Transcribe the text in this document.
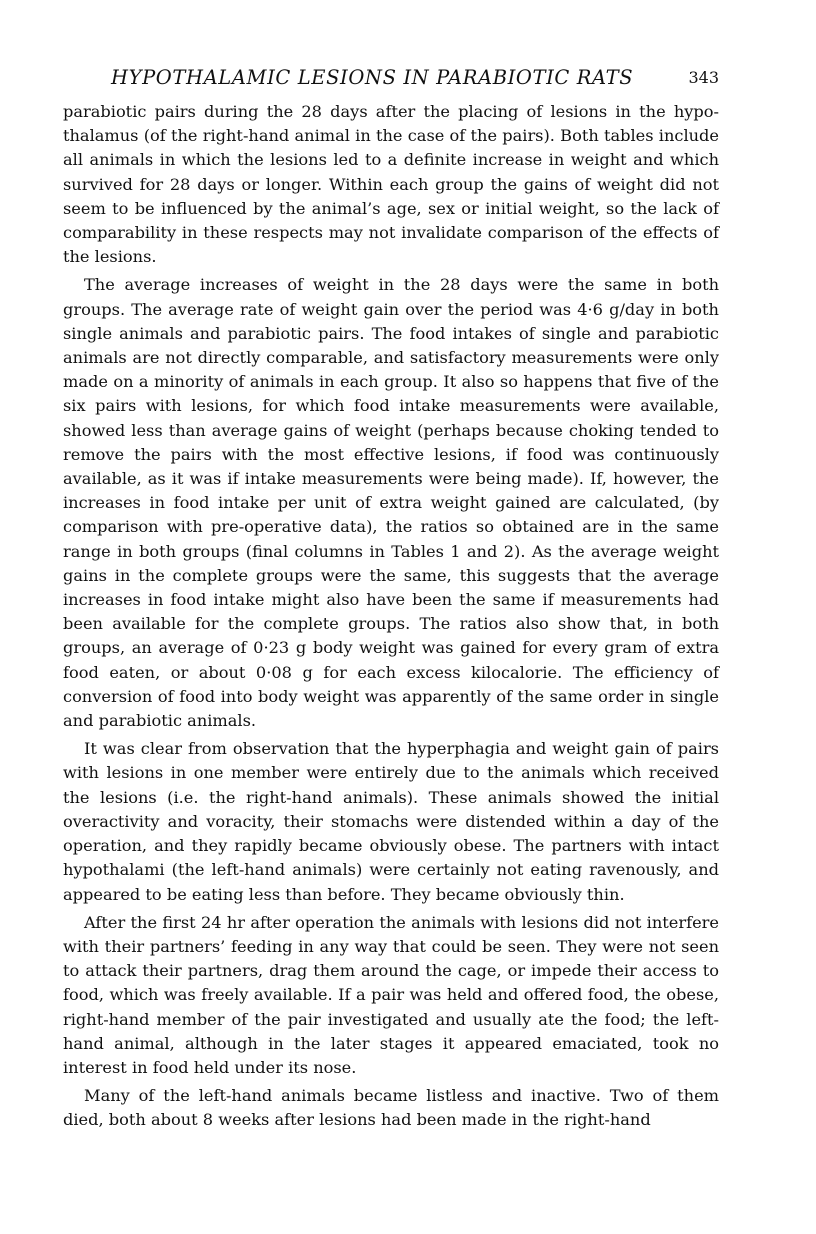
HYPOTHALAMIC LESIONS IN PARABIOTIC RATS	343

parabiotic pairs during the 28 days after the placing of lesions in the hypothalamus (of the right-hand animal in the case of the pairs). Both tables include all animals in which the lesions led to a definite increase in weight and which survived for 28 days or longer. Within each group the gains of weight did not seem to be influenced by the animal’s age, sex or initial weight, so the lack of comparability in these respects may not invalidate comparison of the effects of the lesions.

The average increases of weight in the 28 days were the same in both groups. The average rate of weight gain over the period was 4·6 g/day in both single animals and parabiotic pairs. The food intakes of single and parabiotic animals are not directly comparable, and satisfactory measurements were only made on a minority of animals in each group. It also so happens that five of the six pairs with lesions, for which food intake measurements were available, showed less than average gains of weight (perhaps because choking tended to remove the pairs with the most effective lesions, if food was continuously available, as it was if intake measurements were being made). If, however, the increases in food intake per unit of extra weight gained are calculated, (by comparison with pre-operative data), the ratios so obtained are in the same range in both groups (final columns in Tables 1 and 2). As the average weight gains in the complete groups were the same, this suggests that the average increases in food intake might also have been the same if measurements had been available for the complete groups. The ratios also show that, in both groups, an average of 0·23 g body weight was gained for every gram of extra food eaten, or about 0·08 g for each excess kilocalorie. The efficiency of conversion of food into body weight was apparently of the same order in single and parabiotic animals.

It was clear from observation that the hyperphagia and weight gain of pairs with lesions in one member were entirely due to the animals which received the lesions (i.e. the right-hand animals). These animals showed the initial overactivity and voracity, their stomachs were distended within a day of the operation, and they rapidly became obviously obese. The partners with intact hypothalami (the left-hand animals) were certainly not eating ravenously, and appeared to be eating less than before. They became obviously thin.

After the first 24 hr after operation the animals with lesions did not interfere with their partners’ feeding in any way that could be seen. They were not seen to attack their partners, drag them around the cage, or impede their access to food, which was freely available. If a pair was held and offered food, the obese, right-hand member of the pair investigated and usually ate the food; the left-hand animal, although in the later stages it appeared emaciated, took no interest in food held under its nose.

Many of the left-hand animals became listless and inactive. Two of them died, both about 8 weeks after lesions had been made in the right-hand
